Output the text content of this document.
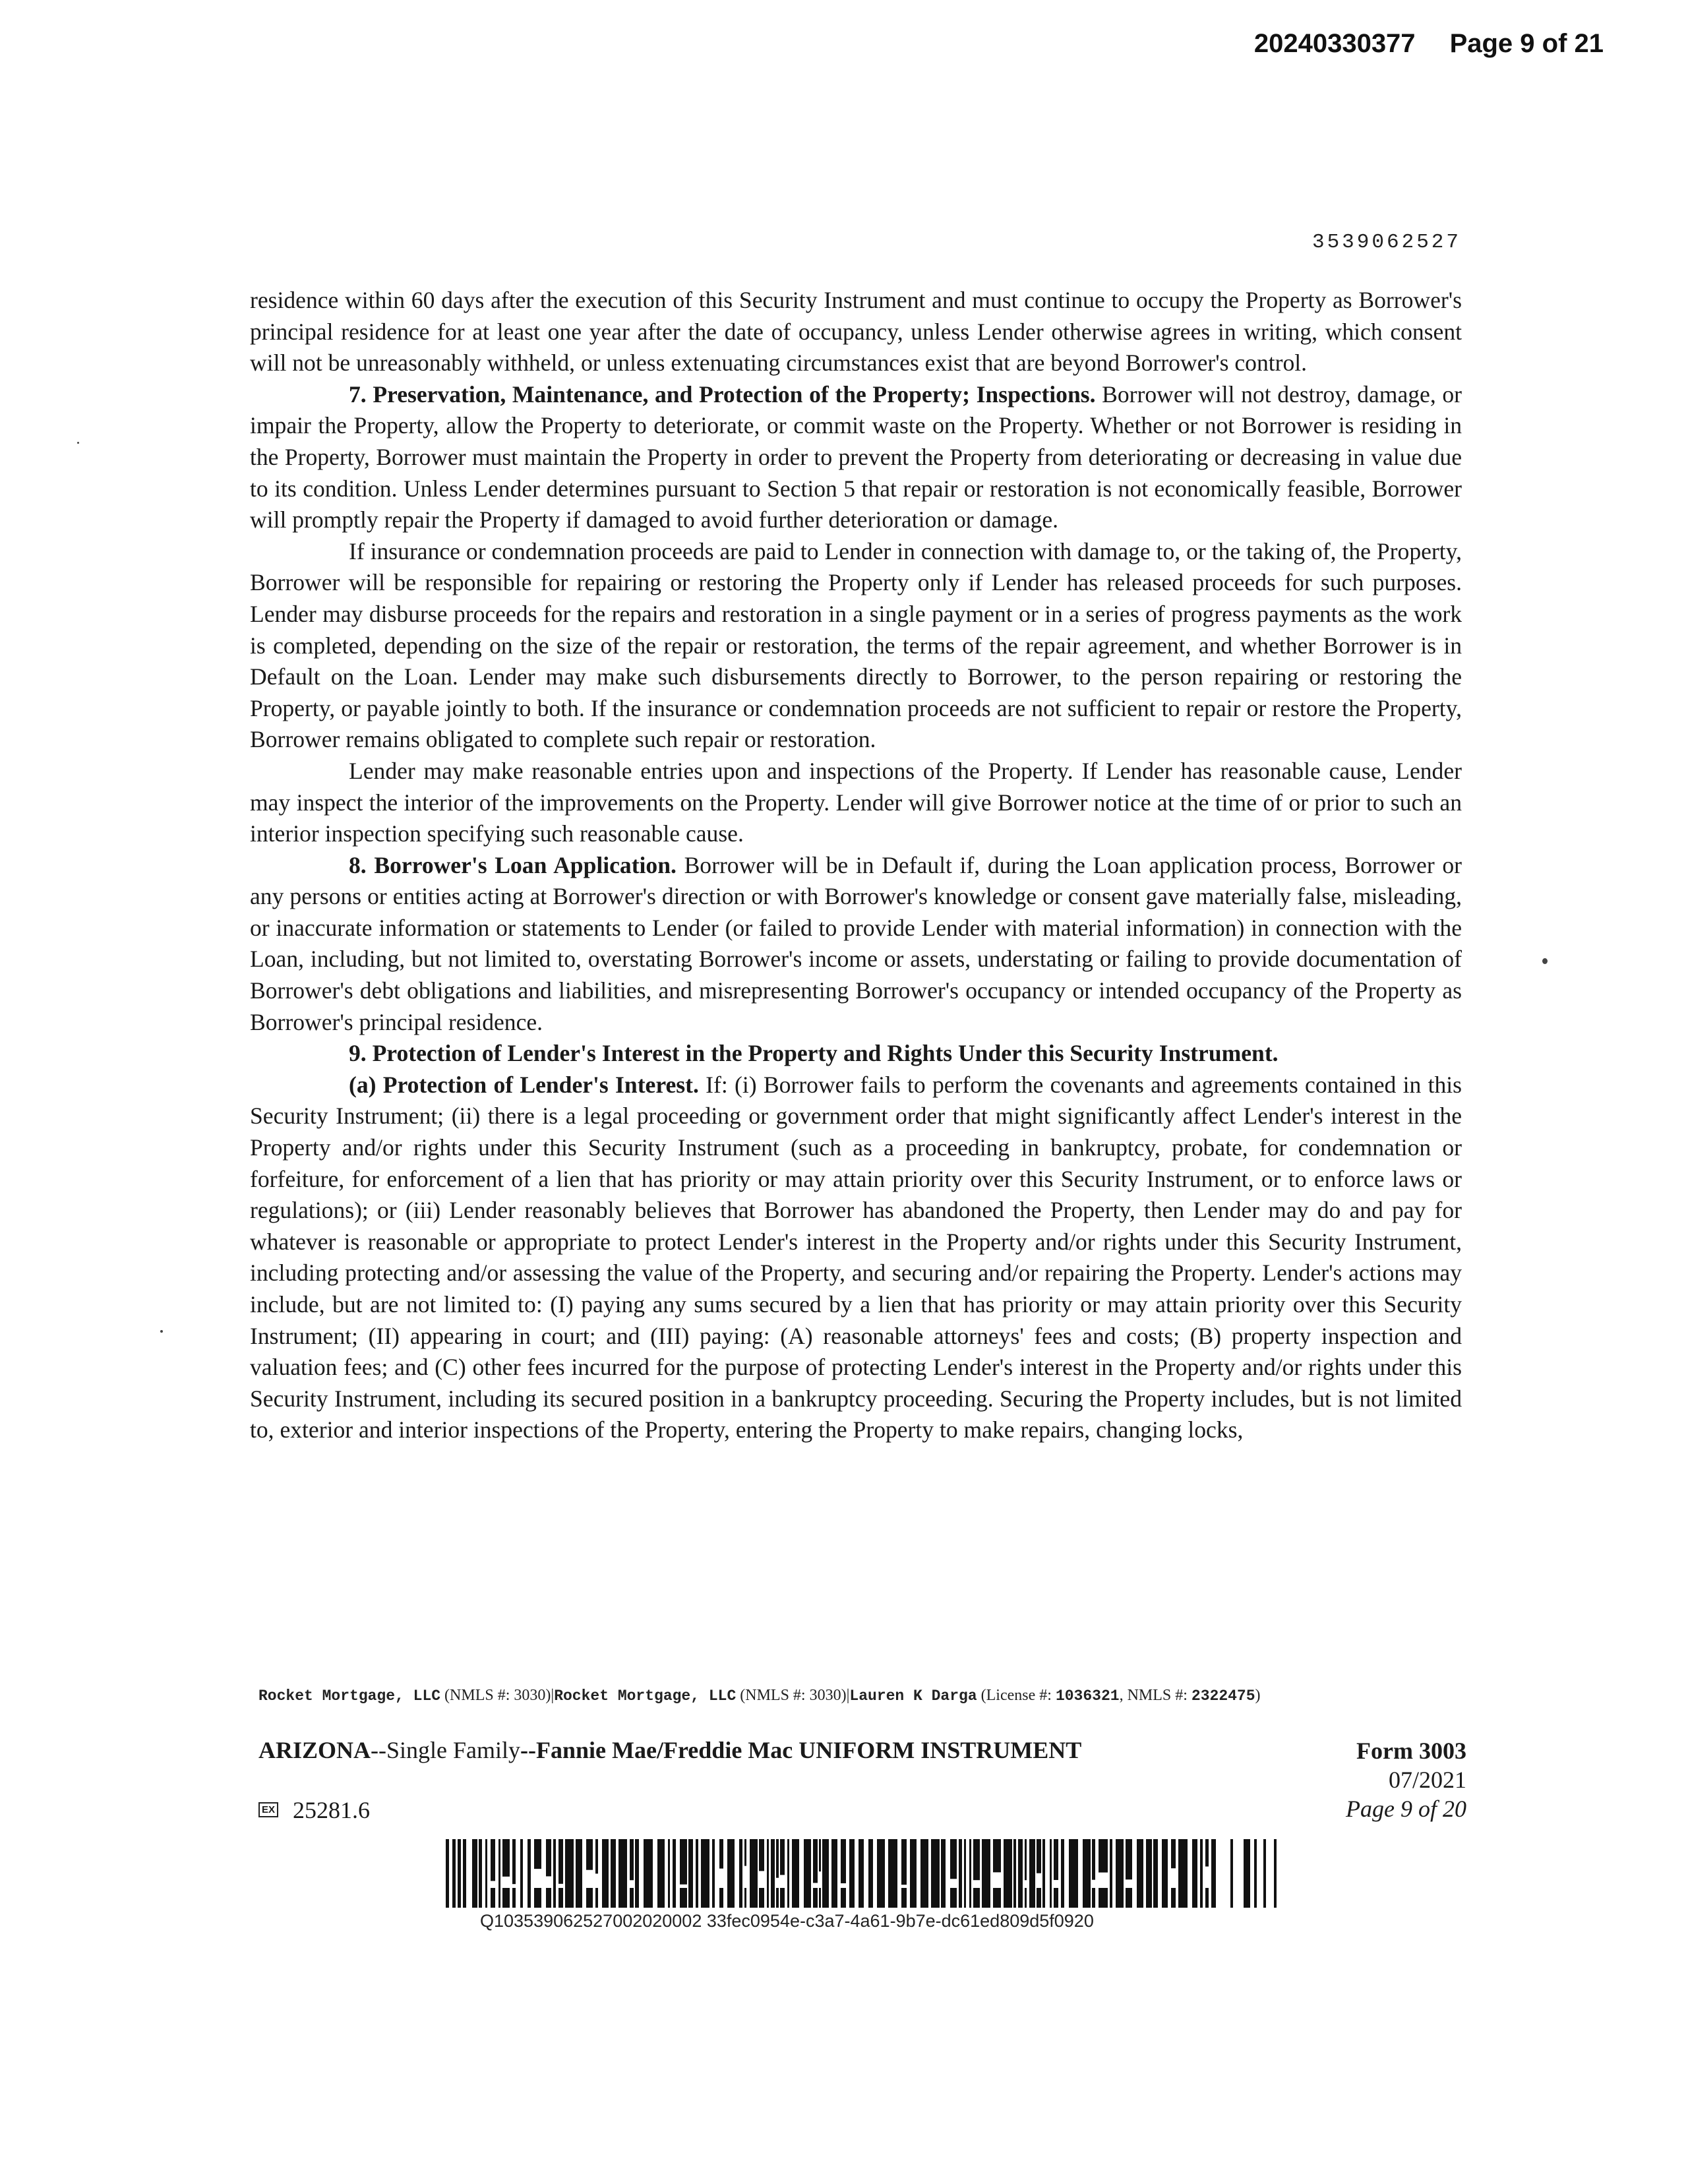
20240330377 Page 9 of 21
3539062527

residence within 60 days after the execution of this Security Instrument and must continue to occupy the Property as Borrower's principal residence for at least one year after the date of occupancy, unless Lender otherwise agrees in writing, which consent will not be unreasonably withheld, or unless extenuating circumstances exist that are beyond Borrower's control.

7. Preservation, Maintenance, and Protection of the Property; Inspections. Borrower will not destroy, damage, or impair the Property, allow the Property to deteriorate, or commit waste on the Property. Whether or not Borrower is residing in the Property, Borrower must maintain the Property in order to prevent the Property from deteriorating or decreasing in value due to its condition. Unless Lender determines pursuant to Section 5 that repair or restoration is not economically feasible, Borrower will promptly repair the Property if damaged to avoid further deterioration or damage.

If insurance or condemnation proceeds are paid to Lender in connection with damage to, or the taking of, the Property, Borrower will be responsible for repairing or restoring the Property only if Lender has released proceeds for such purposes. Lender may disburse proceeds for the repairs and restoration in a single payment or in a series of progress payments as the work is completed, depending on the size of the repair or restoration, the terms of the repair agreement, and whether Borrower is in Default on the Loan. Lender may make such disbursements directly to Borrower, to the person repairing or restoring the Property, or payable jointly to both. If the insurance or condemnation proceeds are not sufficient to repair or restore the Property, Borrower remains obligated to complete such repair or restoration.

Lender may make reasonable entries upon and inspections of the Property. If Lender has reasonable cause, Lender may inspect the interior of the improvements on the Property. Lender will give Borrower notice at the time of or prior to such an interior inspection specifying such reasonable cause.

8. Borrower's Loan Application. Borrower will be in Default if, during the Loan application process, Borrower or any persons or entities acting at Borrower's direction or with Borrower's knowledge or consent gave materially false, misleading, or inaccurate information or statements to Lender (or failed to provide Lender with material information) in connection with the Loan, including, but not limited to, overstating Borrower's income or assets, understating or failing to provide documentation of Borrower's debt obligations and liabilities, and misrepresenting Borrower's occupancy or intended occupancy of the Property as Borrower's principal residence.

9. Protection of Lender's Interest in the Property and Rights Under this Security Instrument.

(a) Protection of Lender's Interest. If: (i) Borrower fails to perform the covenants and agreements contained in this Security Instrument; (ii) there is a legal proceeding or government order that might significantly affect Lender's interest in the Property and/or rights under this Security Instrument (such as a proceeding in bankruptcy, probate, for condemnation or forfeiture, for enforcement of a lien that has priority or may attain priority over this Security Instrument, or to enforce laws or regulations); or (iii) Lender reasonably believes that Borrower has abandoned the Property, then Lender may do and pay for whatever is reasonable or appropriate to protect Lender's interest in the Property and/or rights under this Security Instrument, including protecting and/or assessing the value of the Property, and securing and/or repairing the Property. Lender's actions may include, but are not limited to: (I) paying any sums secured by a lien that has priority or may attain priority over this Security Instrument; (II) appearing in court; and (III) paying: (A) reasonable attorneys' fees and costs; (B) property inspection and valuation fees; and (C) other fees incurred for the purpose of protecting Lender's interest in the Property and/or rights under this Security Instrument, including its secured position in a bankruptcy proceeding. Securing the Property includes, but is not limited to, exterior and interior inspections of the Property, entering the Property to make repairs, changing locks,

Rocket Mortgage, LLC (NMLS #: 3030)|Rocket Mortgage, LLC (NMLS #: 3030)|Lauren K Darga (License #: 1036321, NMLS #: 2322475)
ARIZONA--Single Family--Fannie Mae/Freddie Mac UNIFORM INSTRUMENT	Form 3003
07/2021
Page 9 of 20
EX 25281.6
Q103539062527002020002 33fec0954e-c3a7-4a61-9b7e-dc61ed809d5f0920
